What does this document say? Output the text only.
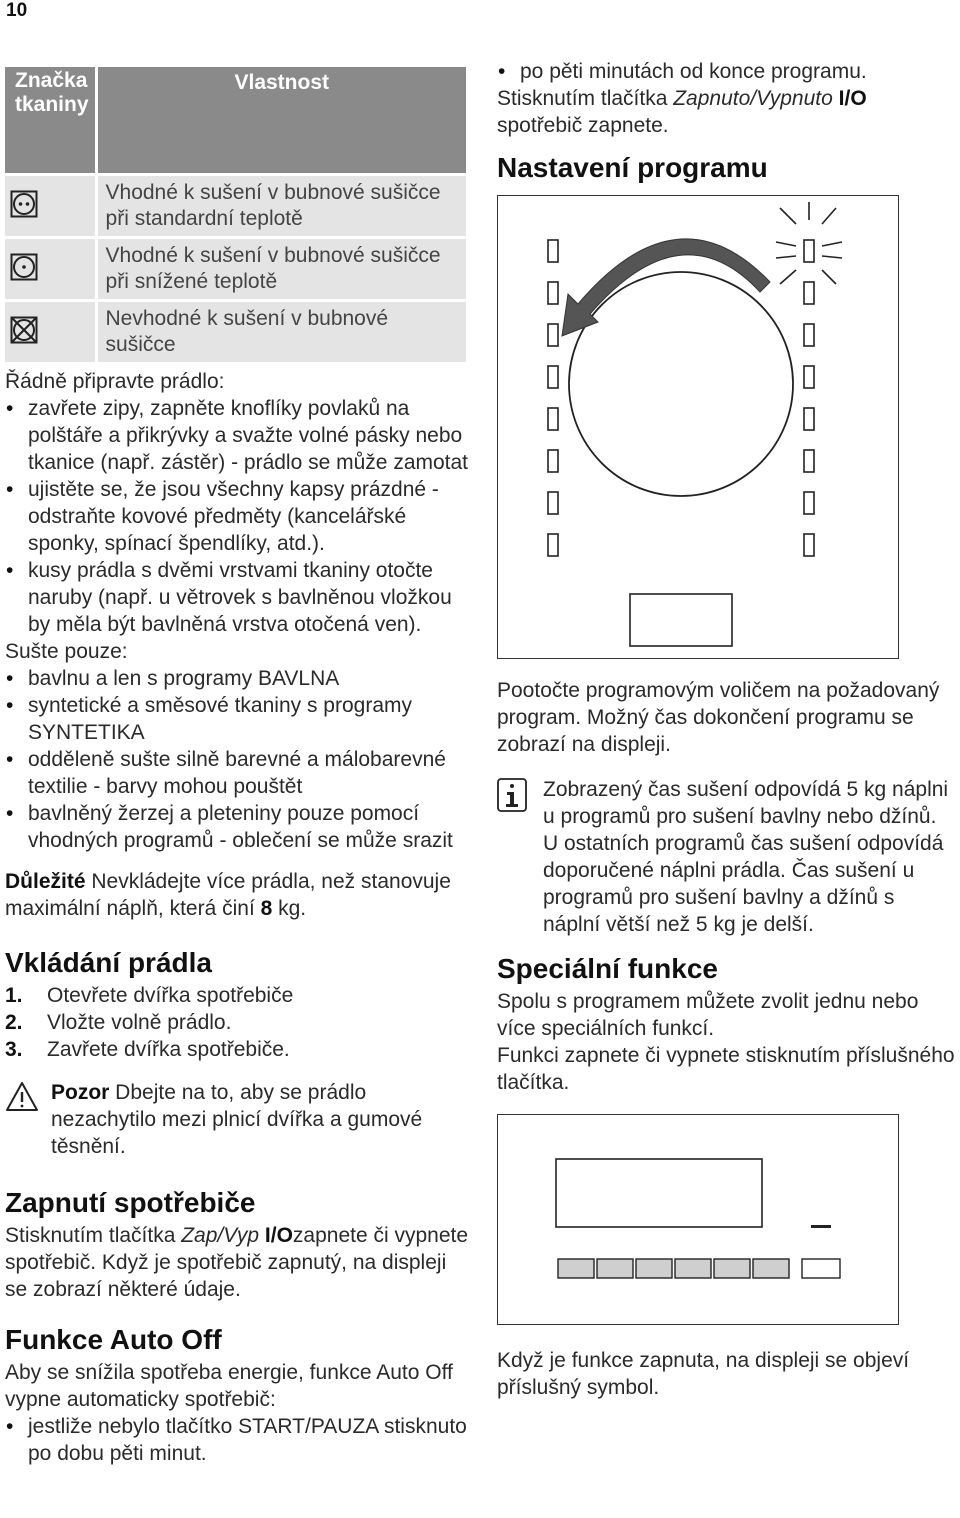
10
Značka tkaniny	Vlastnost
	Vhodné k sušení v bubnové sušičce při standardní teplotě
	Vhodné k sušení v bubnové sušičce při snížené teplotě
	Nevhodné k sušení v bubnové sušičce

Řádně připravte prádlo:

• zavřete zipy, zapněte knoflíky povlaků na polštáře a přikrývky a svažte volné pásky nebo tkanice (např. zástěr) - prádlo se může zamotat
• ujistěte se, že jsou všechny kapsy prázdné - odstraňte kovové předměty (kancelářské sponky, spínací špendlíky, atd.).
• kusy prádla s dvěmi vrstvami tkaniny otočte naruby (např. u větrovek s bavlněnou vložkou by měla být bavlněná vrstva otočená ven).

Sušte pouze:

• bavlnu a len s programy BAVLNA
• syntetické a směsové tkaniny s programy SYNTETIKA
• odděleně sušte silně barevné a málobarevné textilie - barvy mohou pouštět
• bavlněný žerzej a pleteniny pouze pomocí vhodných programů - oblečení se může srazit

Důležité Nevkládejte více prádla, než stanovuje maximální náplň, která činí 8 kg.

Vkládání prádla
1. Otevřete dvířka spotřebiče
2. Vložte volně prádlo.
3. Zavřete dvířka spotřebiče.

Pozor Dbejte na to, aby se prádlo nezachytilo mezi plnicí dvířka a gumové těsnění.

Zapnutí spotřebiče

Stisknutím tlačítka Zap/Vyp I/Ozapnete či vypnete spotřebič. Když je spotřebič zapnutý, na displeji se zobrazí některé údaje.

Funkce Auto Off

Aby se snížila spotřeba energie, funkce Auto Off vypne automaticky spotřebič:

• jestliže nebylo tlačítko START/PAUZA stisknuto po dobu pěti minut.
• po pěti minutách od konce programu.

Stisknutím tlačítka Zapnuto/Vypnuto I/O spotřebič zapnete.

Nastavení programu

Pootočte programovým voličem na požadovaný program. Možný čas dokončení programu se zobrazí na displeji.

Zobrazený čas sušení odpovídá 5 kg náplni u programů pro sušení bavlny nebo džínů. U ostatních programů čas sušení odpovídá doporučené náplni prádla. Čas sušení u programů pro sušení bavlny a džínů s náplní větší než 5 kg je delší.

Speciální funkce

Spolu s programem můžete zvolit jednu nebo více speciálních funkcí.

Funkci zapnete či vypnete stisknutím příslušného tlačítka.

Když je funkce zapnuta, na displeji se objeví příslušný symbol.
